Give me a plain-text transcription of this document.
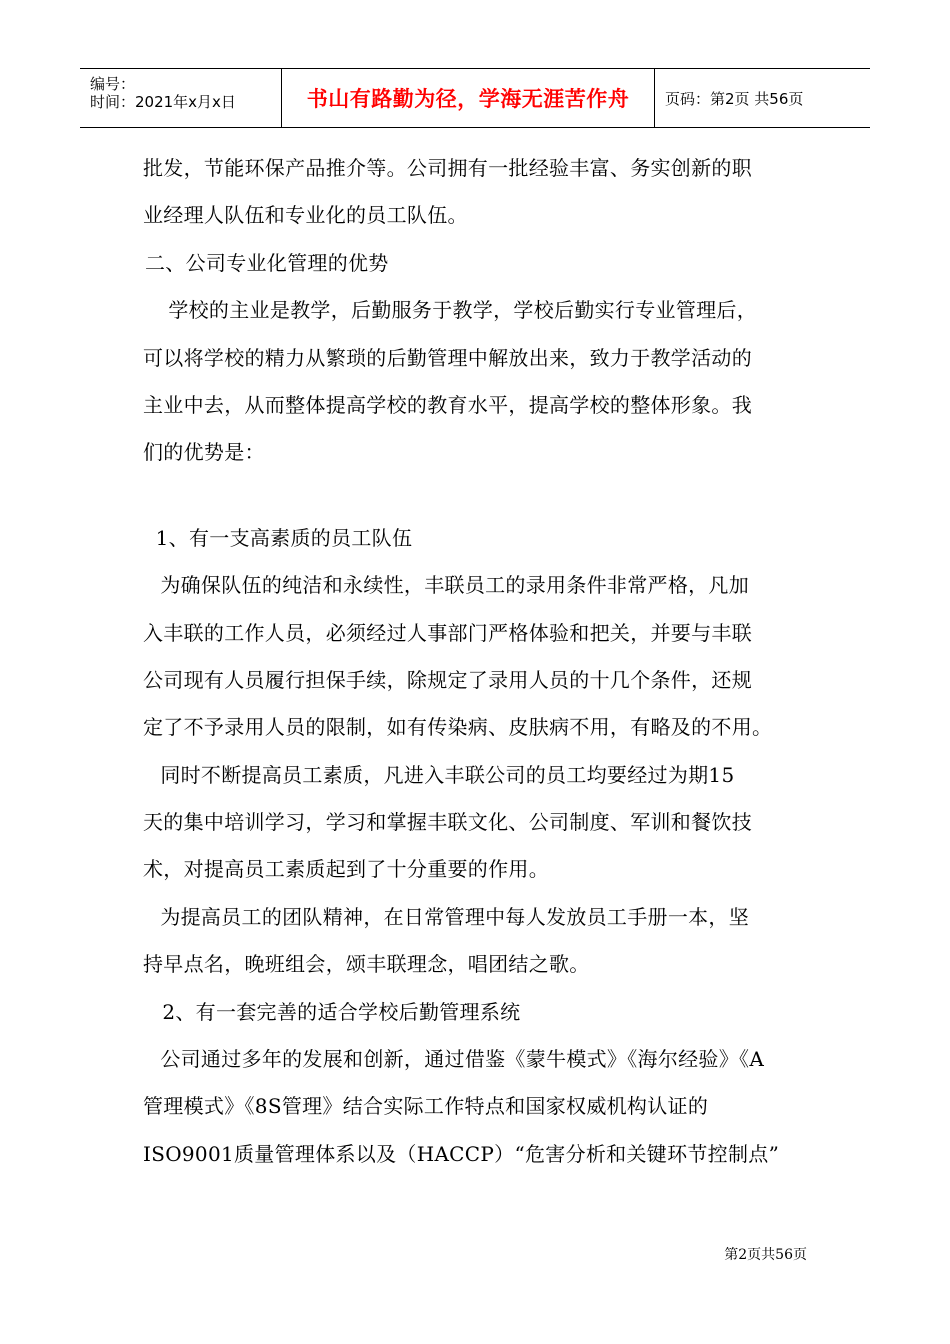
编号：
时间：2021年x月x日	书山有路勤为径，学海无涯苦作舟	页码：第2页 共56页
批发，节能环保产品推介等。公司拥有一批经验丰富、务实创新的职
业经理人队伍和专业化的员工队伍。
二、公司专业化管理的优势
学校的主业是教学，后勤服务于教学，学校后勤实行专业管理后，
可以将学校的精力从繁琐的后勤管理中解放出来，致力于教学活动的
主业中去，从而整体提高学校的教育水平，提高学校的整体形象。我
们的优势是：
1、有一支高素质的员工队伍
为确保队伍的纯洁和永续性，丰联员工的录用条件非常严格，凡加
入丰联的工作人员，必须经过人事部门严格体验和把关，并要与丰联
公司现有人员履行担保手续，除规定了录用人员的十几个条件，还规
定了不予录用人员的限制，如有传染病、皮肤病不用，有略及的不用。
同时不断提高员工素质，凡进入丰联公司的员工均要经过为期15
天的集中培训学习，学习和掌握丰联文化、公司制度、军训和餐饮技
术，对提高员工素质起到了十分重要的作用。
为提高员工的团队精神，在日常管理中每人发放员工手册一本，坚
持早点名，晚班组会，颂丰联理念，唱团结之歌。
2、有一套完善的适合学校后勤管理系统
公司通过多年的发展和创新，通过借鉴《蒙牛模式》《海尔经验》《A
管理模式》《8S管理》结合实际工作特点和国家权威机构认证的
ISO9001质量管理体系以及（HACCP）“危害分析和关键环节控制点”
第2页共56页
